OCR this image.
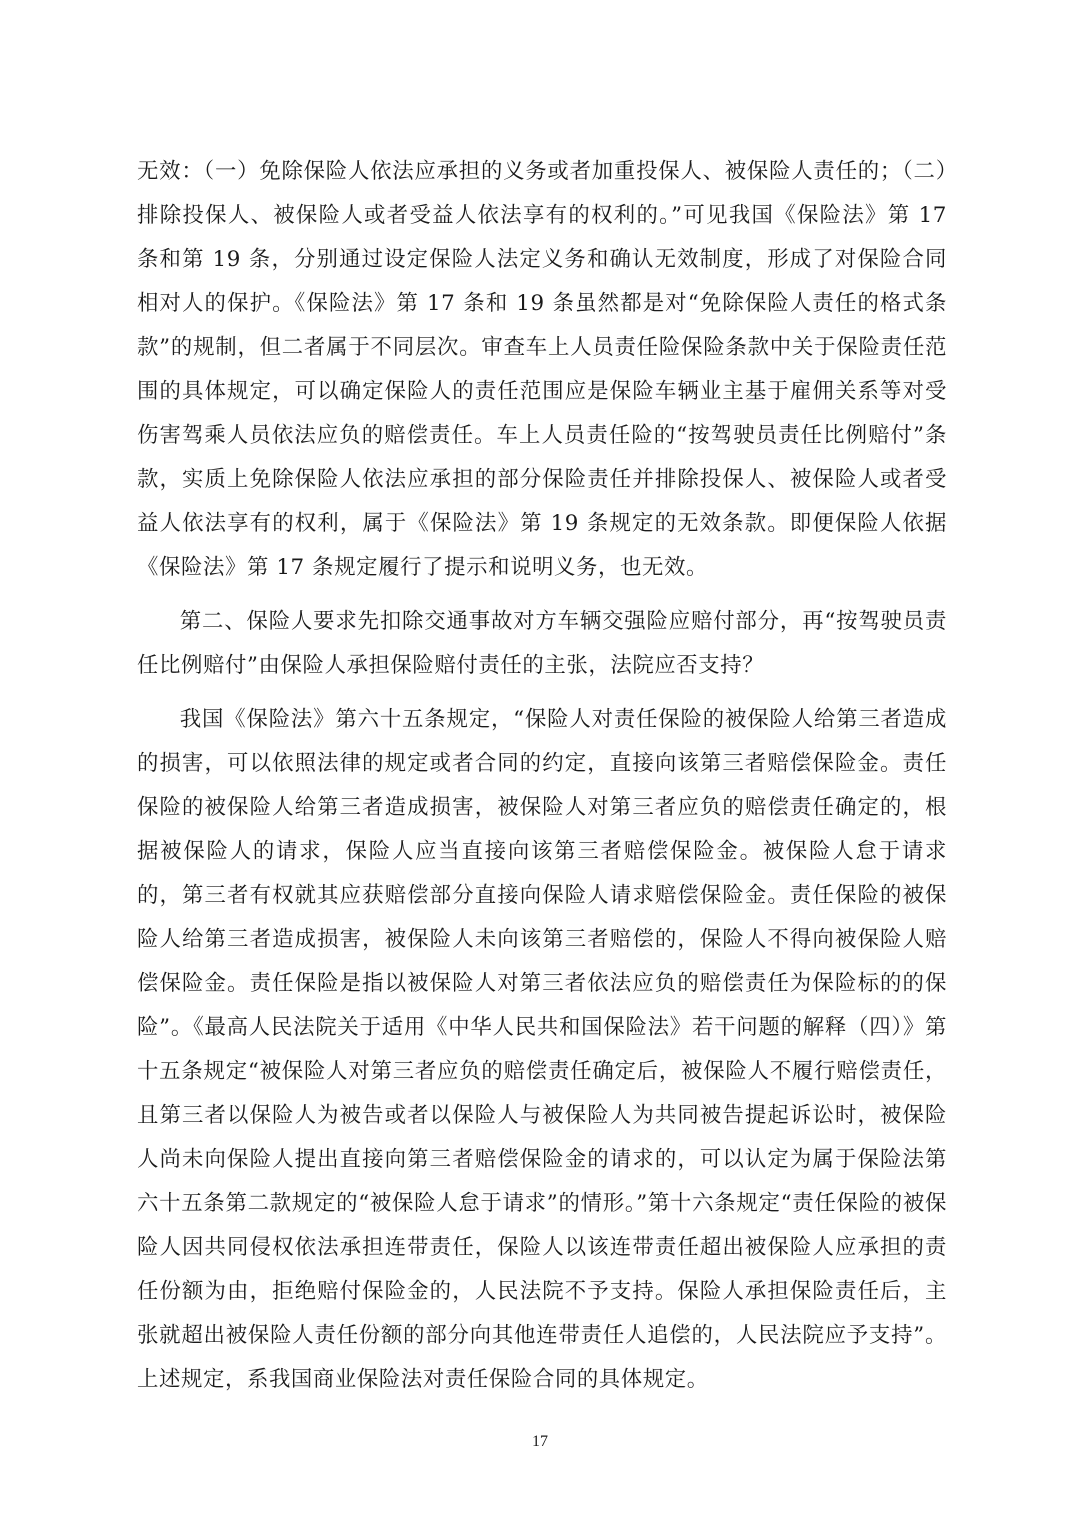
无效：（一）免除保险人依法应承担的义务或者加重投保人、被保险人责任的；（二）排除投保人、被保险人或者受益人依法享有的权利的。”可见我国《保险法》第 17 条和第 19 条，分别通过设定保险人法定义务和确认无效制度，形成了对保险合同相对人的保护。《保险法》第 17 条和 19 条虽然都是对“免除保险人责任的格式条款”的规制，但二者属于不同层次。审查车上人员责任险保险条款中关于保险责任范围的具体规定，可以确定保险人的责任范围应是保险车辆业主基于雇佣关系等对受伤害驾乘人员依法应负的赔偿责任。车上人员责任险的“按驾驶员责任比例赔付”条款，实质上免除保险人依法应承担的部分保险责任并排除投保人、被保险人或者受益人依法享有的权利，属于《保险法》第 19 条规定的无效条款。即便保险人依据《保险法》第 17 条规定履行了提示和说明义务，也无效。

第二、保险人要求先扣除交通事故对方车辆交强险应赔付部分，再“按驾驶员责任比例赔付”由保险人承担保险赔付责任的主张，法院应否支持？

我国《保险法》第六十五条规定，“保险人对责任保险的被保险人给第三者造成的损害，可以依照法律的规定或者合同的约定，直接向该第三者赔偿保险金。责任保险的被保险人给第三者造成损害，被保险人对第三者应负的赔偿责任确定的，根据被保险人的请求，保险人应当直接向该第三者赔偿保险金。被保险人怠于请求的，第三者有权就其应获赔偿部分直接向保险人请求赔偿保险金。责任保险的被保险人给第三者造成损害，被保险人未向该第三者赔偿的，保险人不得向被保险人赔偿保险金。责任保险是指以被保险人对第三者依法应负的赔偿责任为保险标的的保险”。《最高人民法院关于适用《中华人民共和国保险法》若干问题的解释（四）》第十五条规定“被保险人对第三者应负的赔偿责任确定后，被保险人不履行赔偿责任，且第三者以保险人为被告或者以保险人与被保险人为共同被告提起诉讼时，被保险人尚未向保险人提出直接向第三者赔偿保险金的请求的，可以认定为属于保险法第六十五条第二款规定的“被保险人怠于请求”的情形。”第十六条规定“责任保险的被保险人因共同侵权依法承担连带责任，保险人以该连带责任超出被保险人应承担的责任份额为由，拒绝赔付保险金的，人民法院不予支持。保险人承担保险责任后，主张就超出被保险人责任份额的部分向其他连带责任人追偿的，人民法院应予支持”。上述规定，系我国商业保险法对责任保险合同的具体规定。

17
